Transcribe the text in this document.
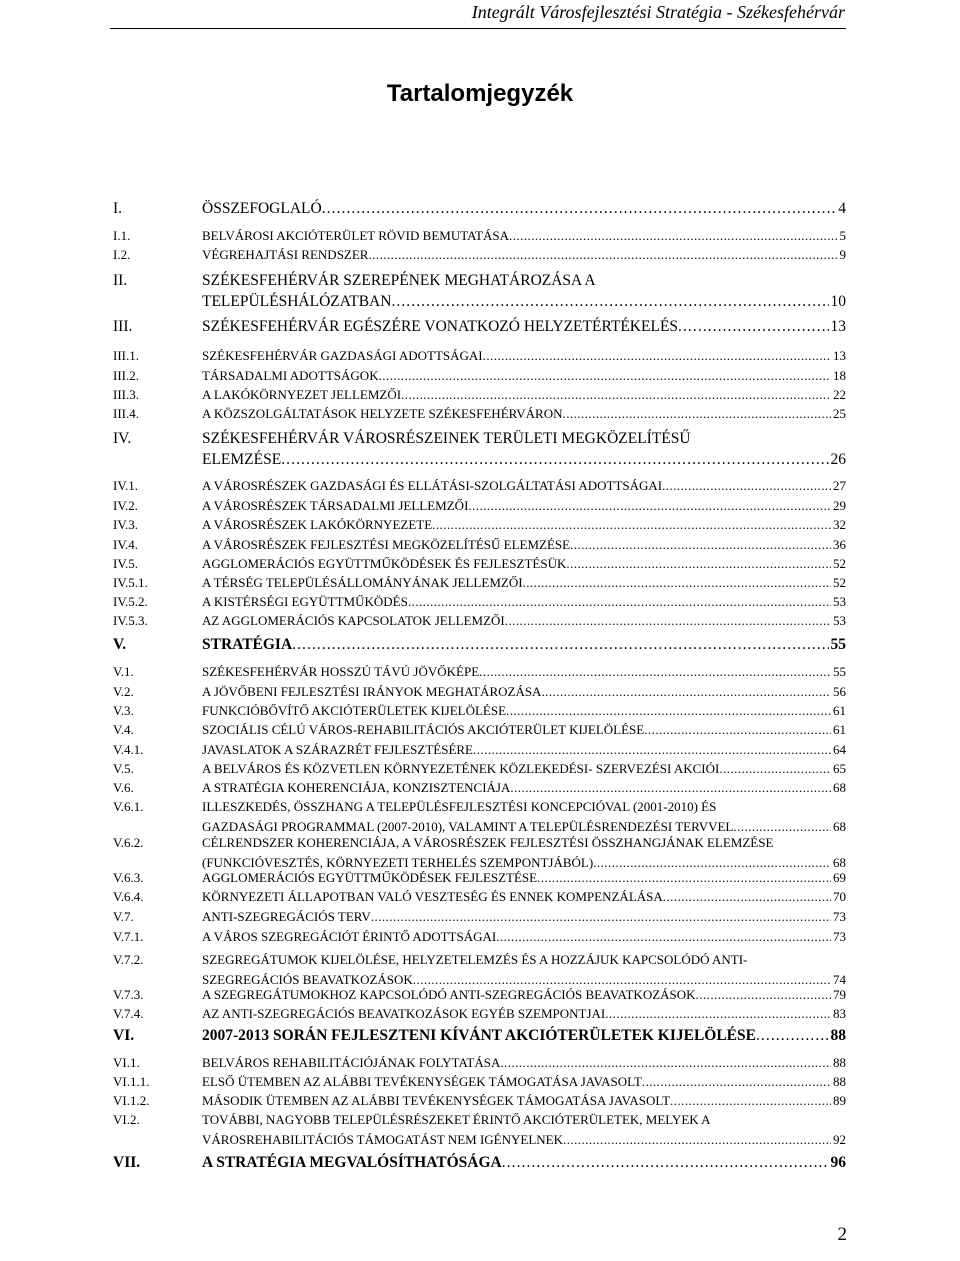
Integrált Városfejlesztési Stratégia - Székesfehérvár
Tartalomjegyzék
I.	ÖSSZEFOGLALÓ . . .	4
I.1.	BELVÁROSI AKCIÓTERÜLET RÖVID BEMUTATÁSA . . .	5
I.2.	VÉGREHAJTÁSI RENDSZER . . .	9
II.	SZÉKESFEHÉRVÁR SZEREPÉNEK MEGHATÁROZÁSA A
TELEPÜLÉSHÁLÓZATBAN . . .	10
III.	SZÉKESFEHÉRVÁR EGÉSZÉRE VONATKOZÓ HELYZETÉRTÉKELÉS . . .	13
III.1.	SZÉKESFEHÉRVÁR GAZDASÁGI ADOTTSÁGAI . . .	13
III.2.	TÁRSADALMI ADOTTSÁGOK . . .	18
III.3.	A LAKÓKÖRNYEZET JELLEMZŐI . . .	22
III.4.	A KÖZSZOLGÁLTATÁSOK HELYZETE SZÉKESFEHÉRVÁRON . . .	25
IV.	SZÉKESFEHÉRVÁR VÁROSRÉSZEINEK TERÜLETI MEGKÖZELÍTÉSŰ
ELEMZÉSE . . .	26
IV.1.	A VÁROSRÉSZEK GAZDASÁGI ÉS ELLÁTÁSI-SZOLGÁLTATÁSI ADOTTSÁGAI . . .	27
IV.2.	A VÁROSRÉSZEK TÁRSADALMI JELLEMZŐI . . .	29
IV.3.	A VÁROSRÉSZEK LAKÓKÖRNYEZETE . . .	32
IV.4.	A VÁROSRÉSZEK FEJLESZTÉSI MEGKÖZELÍTÉSŰ ELEMZÉSE . . .	36
IV.5.	AGGLOMERÁCIÓS EGYÜTTMŰKÖDÉSEK ÉS FEJLESZTÉSÜK . . .	52
IV.5.1.	A TÉRSÉG TELEPÜLÉSÁLLOMÁNYÁNAK JELLEMZŐI . . .	52
IV.5.2.	A KISTÉRSÉGI EGYÜTTMŰKÖDÉS . . .	53
IV.5.3.	AZ AGGLOMERÁCIÓS KAPCSOLATOK JELLEMZŐI . . .	53
V.	STRATÉGIA . . .	55
V.1.	SZÉKESFEHÉRVÁR HOSSZÚ TÁVÚ JÖVŐKÉPE . . .	55
V.2.	A JÖVŐBENI FEJLESZTÉSI IRÁNYOK MEGHATÁROZÁSA . . .	56
V.3.	FUNKCIÓBŐVÍTŐ AKCIÓTERÜLETEK KIJELÖLÉSE . . .	61
V.4.	SZOCIÁLIS CÉLÚ VÁROS-REHABILITÁCIÓS AKCIÓTERÜLET KIJELÖLÉSE . . .	61
V.4.1.	JAVASLATOK A SZÁRAZRÉT FEJLESZTÉSÉRE . . .	64
V.5.	A BELVÁROS ÉS KÖZVETLEN KÖRNYEZETÉNEK KÖZLEKEDÉSI- SZERVEZÉSI AKCIÓI . . .	65
V.6.	A STRATÉGIA KOHERENCIÁJA, KONZISZTENCIÁJA . . .	68
V.6.1.	ILLESZKEDÉS, ÖSSZHANG A TELEPÜLÉSFEJLESZTÉSI KONCEPCIÓVAL (2001-2010) ÉS
GAZDASÁGI PROGRAMMAL (2007-2010), VALAMINT A TELEPÜLÉSRENDEZÉSI TERVVEL . . .	68
V.6.2.	CÉLRENDSZER KOHERENCIÁJA, A VÁROSRÉSZEK FEJLESZTÉSI ÖSSZHANGJÁNAK ELEMZÉSE
(FUNKCIÓVESZTÉS, KÖRNYEZETI TERHELÉS SZEMPONTJÁBÓL) . . .	68
V.6.3.	AGGLOMERÁCIÓS EGYÜTTMŰKÖDÉSEK FEJLESZTÉSE . . .	69
V.6.4.	KÖRNYEZETI ÁLLAPOTBAN VALÓ VESZTESÉG ÉS ENNEK KOMPENZÁLÁSA . . .	70
V.7.	ANTI-SZEGREGÁCIÓS TERV . . .	73
V.7.1.	A VÁROS SZEGREGÁCIÓT ÉRINTŐ ADOTTSÁGAI . . .	73
V.7.2.	SZEGREGÁTUMOK KIJELÖLÉSE, HELYZETELEMZÉS ÉS A HOZZÁJUK KAPCSOLÓDÓ ANTI-
SZEGREGÁCIÓS BEAVATKOZÁSOK . . .	74
V.7.3.	A SZEGREGÁTUMOKHOZ KAPCSOLÓDÓ ANTI-SZEGREGÁCIÓS BEAVATKOZÁSOK . . .	79
V.7.4.	AZ ANTI-SZEGREGÁCIÓS BEAVATKOZÁSOK EGYÉB SZEMPONTJAI . . .	83
VI.	2007-2013 SORÁN FEJLESZTENI KÍVÁNT AKCIÓTERÜLETEK KIJELÖLÉSE . . .	88
VI.1.	BELVÁROS REHABILITÁCIÓJÁNAK FOLYTATÁSA . . .	88
VI.1.1.	ELSŐ ÜTEMBEN AZ ALÁBBI TEVÉKENYSÉGEK TÁMOGATÁSA JAVASOLT . . .	88
VI.1.2.	MÁSODIK ÜTEMBEN AZ ALÁBBI TEVÉKENYSÉGEK TÁMOGATÁSA JAVASOLT . . .	89
VI.2.	TOVÁBBI, NAGYOBB TELEPÜLÉSRÉSZEKET ÉRINTŐ AKCIÓTERÜLETEK, MELYEK A
VÁROSREHABILITÁCIÓS TÁMOGATÁST NEM IGÉNYELNEK . . .	92
VII.	A STRATÉGIA MEGVALÓSÍTHATÓSÁGA . . .	96
2
